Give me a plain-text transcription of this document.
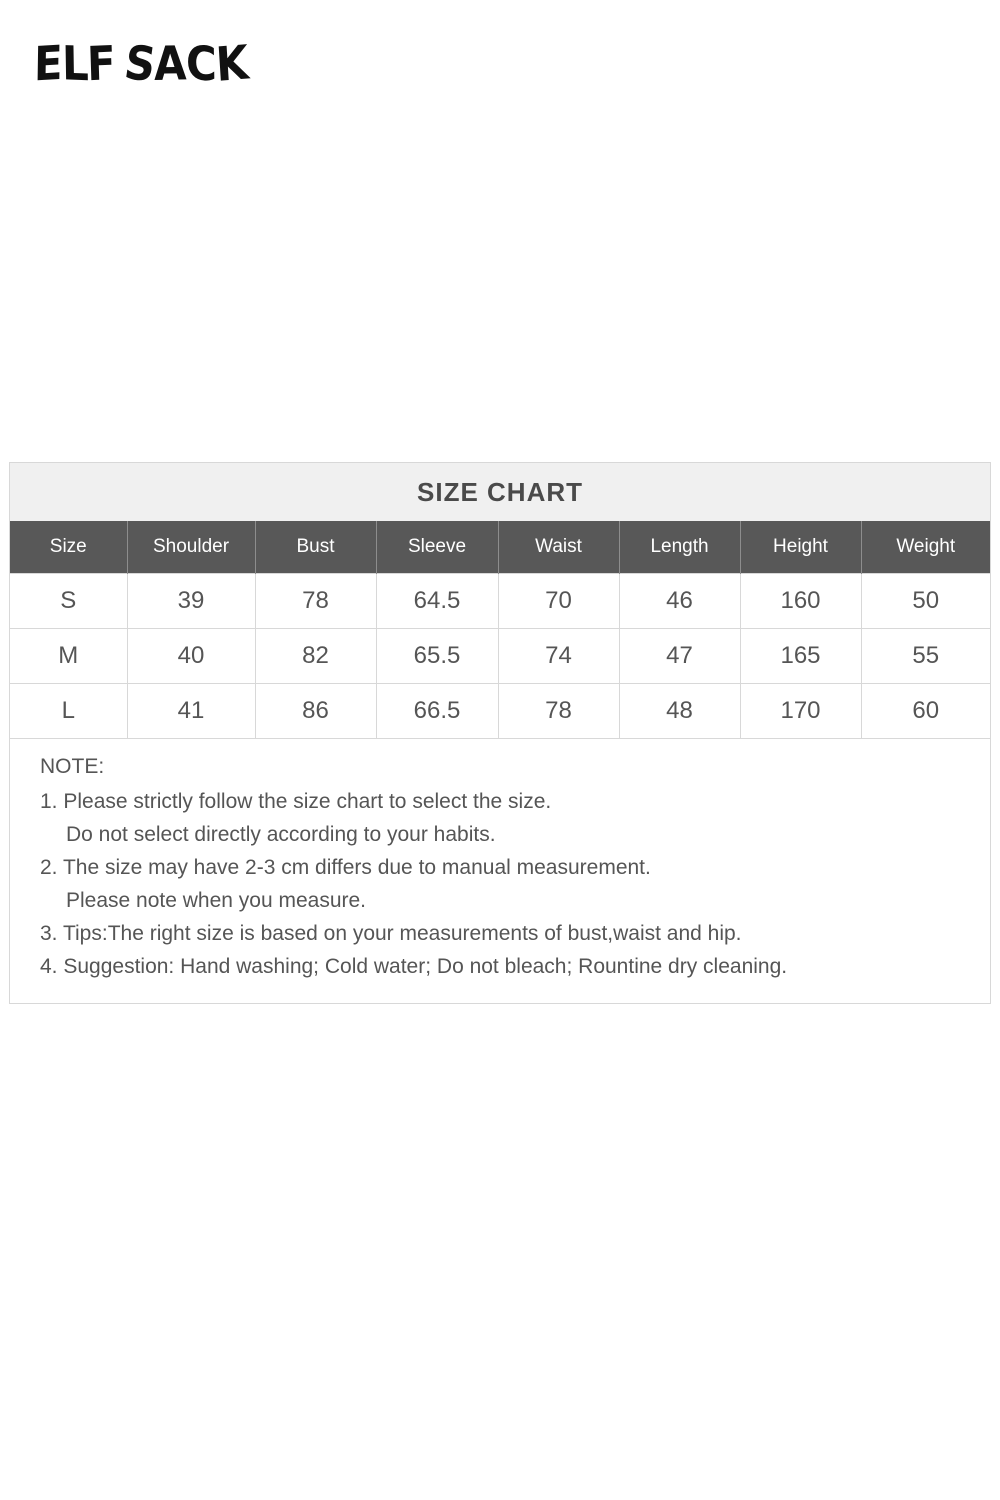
ELF SACK
SIZE CHART
Size	Shoulder	Bust	Sleeve	Waist	Length	Height	Weight
S	39	78	64.5	70	46	160	50
M	40	82	65.5	74	47	165	55
L	41	86	66.5	78	48	170	60
NOTE:
1. Please strictly follow the size chart to select the size.
Do not select directly according to your habits.
2. The size may have 2-3 cm differs due to manual measurement.
Please note when you measure.
3. Tips:The right size is based on your measurements of bust,waist and hip.
4. Suggestion: Hand washing; Cold water; Do not bleach; Rountine dry cleaning.
